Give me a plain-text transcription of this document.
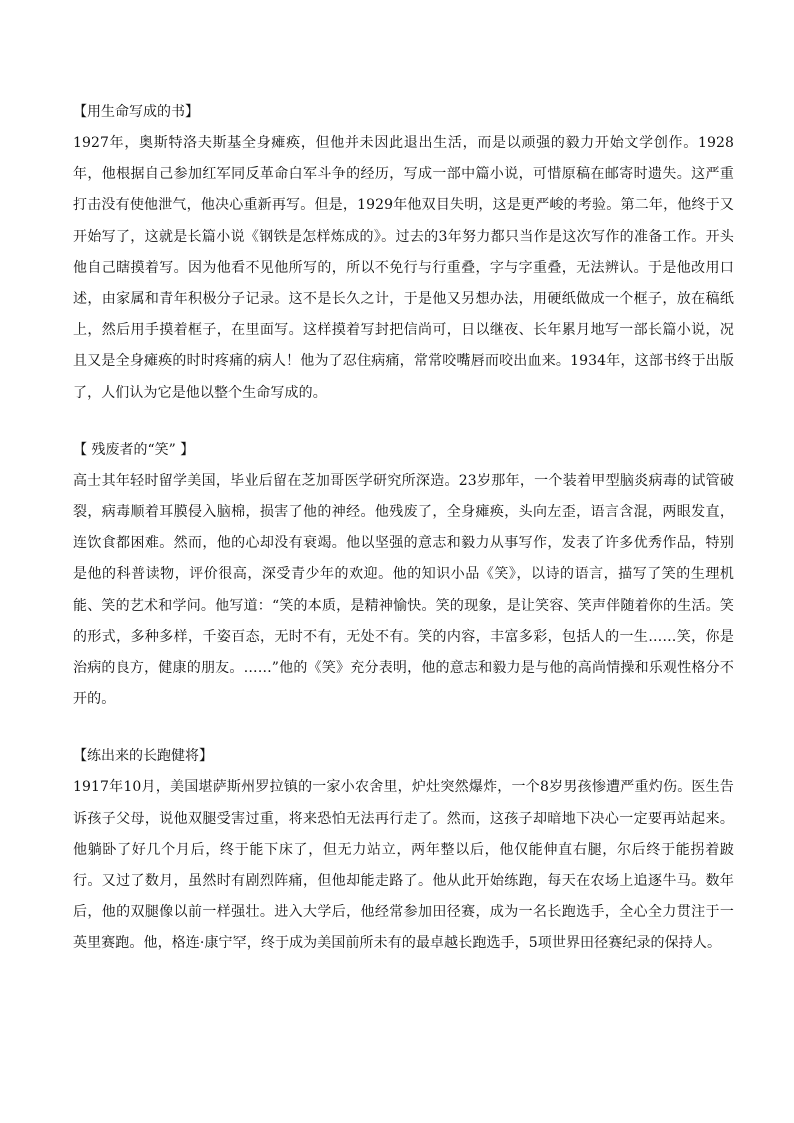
【用生命写成的书】

1927年，奥斯特洛夫斯基全身瘫痪，但他并未因此退出生活，而是以顽强的毅力开始文学创作。1928年，他根据自己参加红军同反革命白军斗争的经历，写成一部中篇小说，可惜原稿在邮寄时遗失。这严重打击没有使他泄气，他决心重新再写。但是，1929年他双目失明，这是更严峻的考验。第二年，他终于又开始写了，这就是长篇小说《钢铁是怎样炼成的》。过去的3年努力都只当作是这次写作的准备工作。开头他自己瞎摸着写。因为他看不见他所写的，所以不免行与行重叠，字与字重叠，无法辨认。于是他改用口述，由家属和青年积极分子记录。这不是长久之计，于是他又另想办法，用硬纸做成一个框子，放在稿纸上，然后用手摸着框子，在里面写。这样摸着写封把信尚可，日以继夜、长年累月地写一部长篇小说，况且又是全身瘫痪的时时疼痛的病人！他为了忍住病痛，常常咬嘴唇而咬出血来。1934年，这部书终于出版了，人们认为它是他以整个生命写成的。

【 残废者的“笑” 】

高士其年轻时留学美国，毕业后留在芝加哥医学研究所深造。23岁那年，一个装着甲型脑炎病毒的试管破裂，病毒顺着耳膜侵入脑棉，损害了他的神经。他残废了，全身瘫痪，头向左歪，语言含混，两眼发直，连饮食都困难。然而，他的心却没有衰竭。他以坚强的意志和毅力从事写作，发表了许多优秀作品，特别是他的科普读物，评价很高，深受青少年的欢迎。他的知识小品《笑》，以诗的语言，描写了笑的生理机能、笑的艺术和学问。他写道：“笑的本质，是精神愉快。笑的现象，是让笑容、笑声伴随着你的生活。笑的形式，多种多样，千姿百态，无时不有，无处不有。笑的内容，丰富多彩，包括人的一生……笑，你是治病的良方，健康的朋友。……”他的《笑》充分表明，他的意志和毅力是与他的高尚情操和乐观性格分不开的。

【练出来的长跑健将】

1917年10月，美国堪萨斯州罗拉镇的一家小农舍里，炉灶突然爆炸，一个8岁男孩惨遭严重灼伤。医生告诉孩子父母，说他双腿受害过重，将来恐怕无法再行走了。然而，这孩子却暗地下决心一定要再站起来。他躺卧了好几个月后，终于能下床了，但无力站立，两年整以后，他仅能伸直右腿，尔后终于能拐着跛行。又过了数月，虽然时有剧烈阵痛，但他却能走路了。他从此开始练跑，每天在农场上追逐牛马。数年后，他的双腿像以前一样强壮。进入大学后，他经常参加田径赛，成为一名长跑选手，全心全力贯注于一英里赛跑。他，格连·康宁罕，终于成为美国前所未有的最卓越长跑选手，5项世界田径赛纪录的保持人。
